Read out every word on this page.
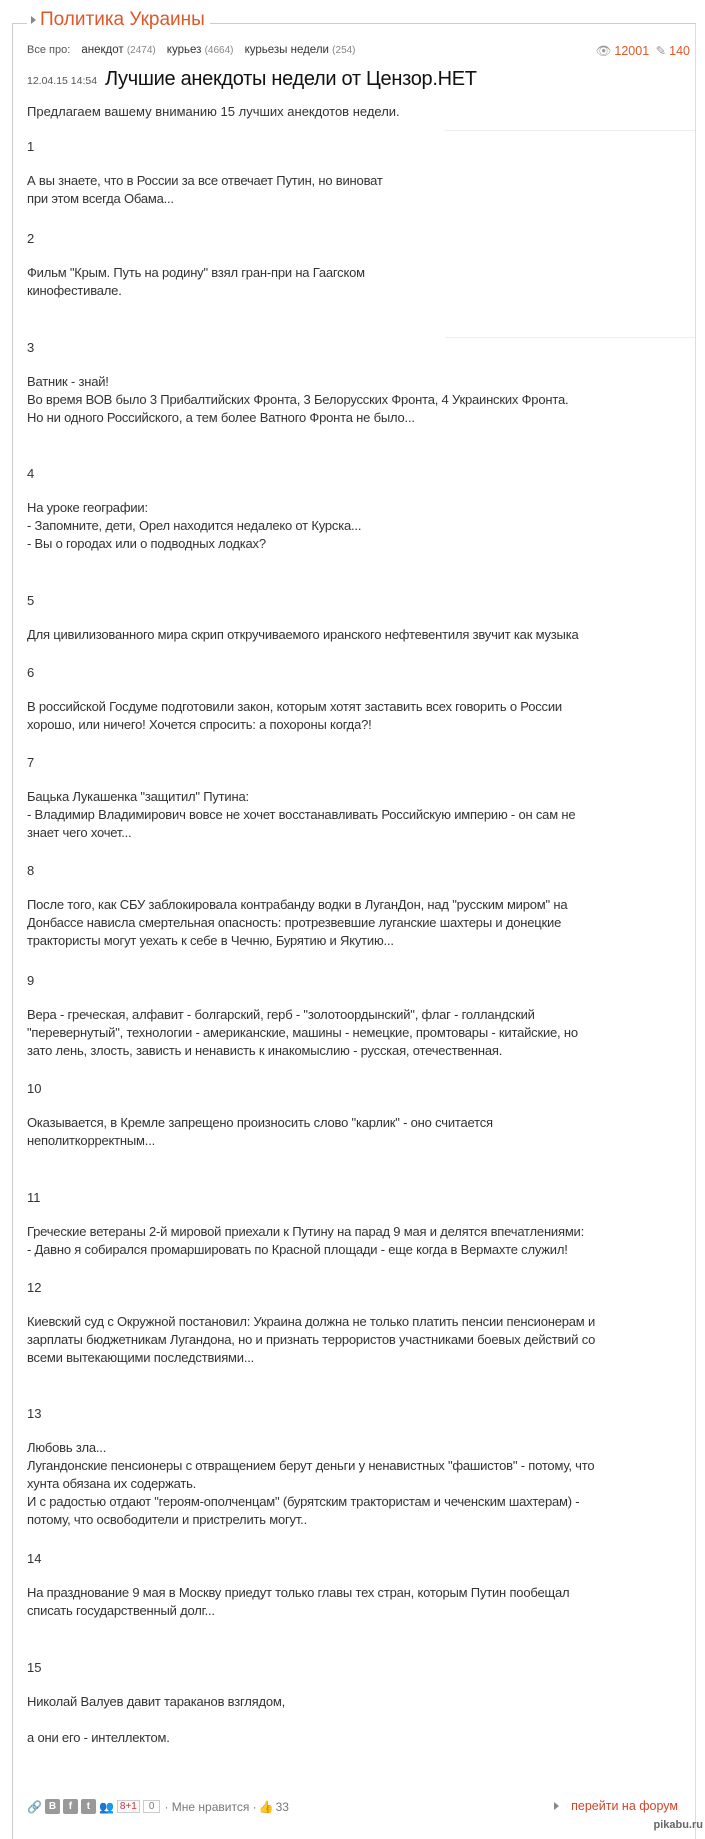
Политика Украины
Все про: анекдот (2474) курьез (4664) курьезы недели (254)	👁 12001 ✎ 140
12.04.15 14:54 Лучшие анекдоты недели от Цензор.НЕТ
Предлагаем вашему вниманию 15 лучших анекдотов недели.
1
А вы знаете, что в России за все отвечает Путин, но виноват
при этом всегда Обама...
2
Фильм "Крым. Путь на родину" взял гран-при на Гаагском
кинофестивале.
3
Ватник - знай!
Во время ВОВ было 3 Прибалтийских Фронта, 3 Белорусских Фронта, 4 Украинских Фронта.
Но ни одного Российского, а тем более Ватного Фронта не было...
4
На уроке географии:
- Запомните, дети, Орел находится недалеко от Курска...
- Вы о городах или о подводных лодках?
5
Для цивилизованного мира скрип откручиваемого иранского нефтевентиля звучит как музыка
6
В российской Госдуме подготовили закон, которым хотят заставить всех говорить о России
хорошо, или ничего! Хочется спросить: а похороны когда?!
7
Бацька Лукашенка "защитил" Путина:
- Владимир Владимирович вовсе не хочет восстанавливать Российскую империю - он сам не
знает чего хочет...
8
После того, как СБУ заблокировала контрабанду водки в ЛуганДон, над "русским миром" на
Донбассе нависла смертельная опасность: протрезвевшие луганские шахтеры и донецкие
трактористы могут уехать к себе в Чечню, Бурятию и Якутию...
9
Вера - греческая, алфавит - болгарский, герб - "золотоордынский", флаг - голландский
"перевернутый", технологии - американские, машины - немецкие, промтовары - китайские, но
зато лень, злость, зависть и ненависть к инакомыслию - русская, отечественная.
10
Оказывается, в Кремле запрещено произносить слово "карлик" - оно считается
неполиткорректным...
11
Греческие ветераны 2-й мировой приехали к Путину на парад 9 мая и делятся впечатлениями:
- Давно я собирался промаршировать по Красной площади - еще когда в Вермахте служил!
12
Киевский суд с Окружной постановил: Украина должна не только платить пенсии пенсионерам и
зарплаты бюджетникам Лугандона, но и признать террористов участниками боевых действий со
всеми вытекающими последствиями...
13
Любовь зла...
Лугандонские пенсионеры с отвращением берут деньги у ненавистных "фашистов" - потому, что
хунта обязана их содержать.
И с радостью отдают "героям-ополченцам" (бурятским трактористам и чеченским шахтерам) -
потому, что освободители и пристрелить могут..
14
На празднование 9 мая в Москву приедут только главы тех стран, которым Путин пообещал
списать государственный долг...
15
Николай Валуев давит тараканов взглядом,

а они его - интеллектом.
🔗 В	f	t 👥 8+1	0 · Мне нравится · 👍 33	перейти на форум
pikabu.ru
